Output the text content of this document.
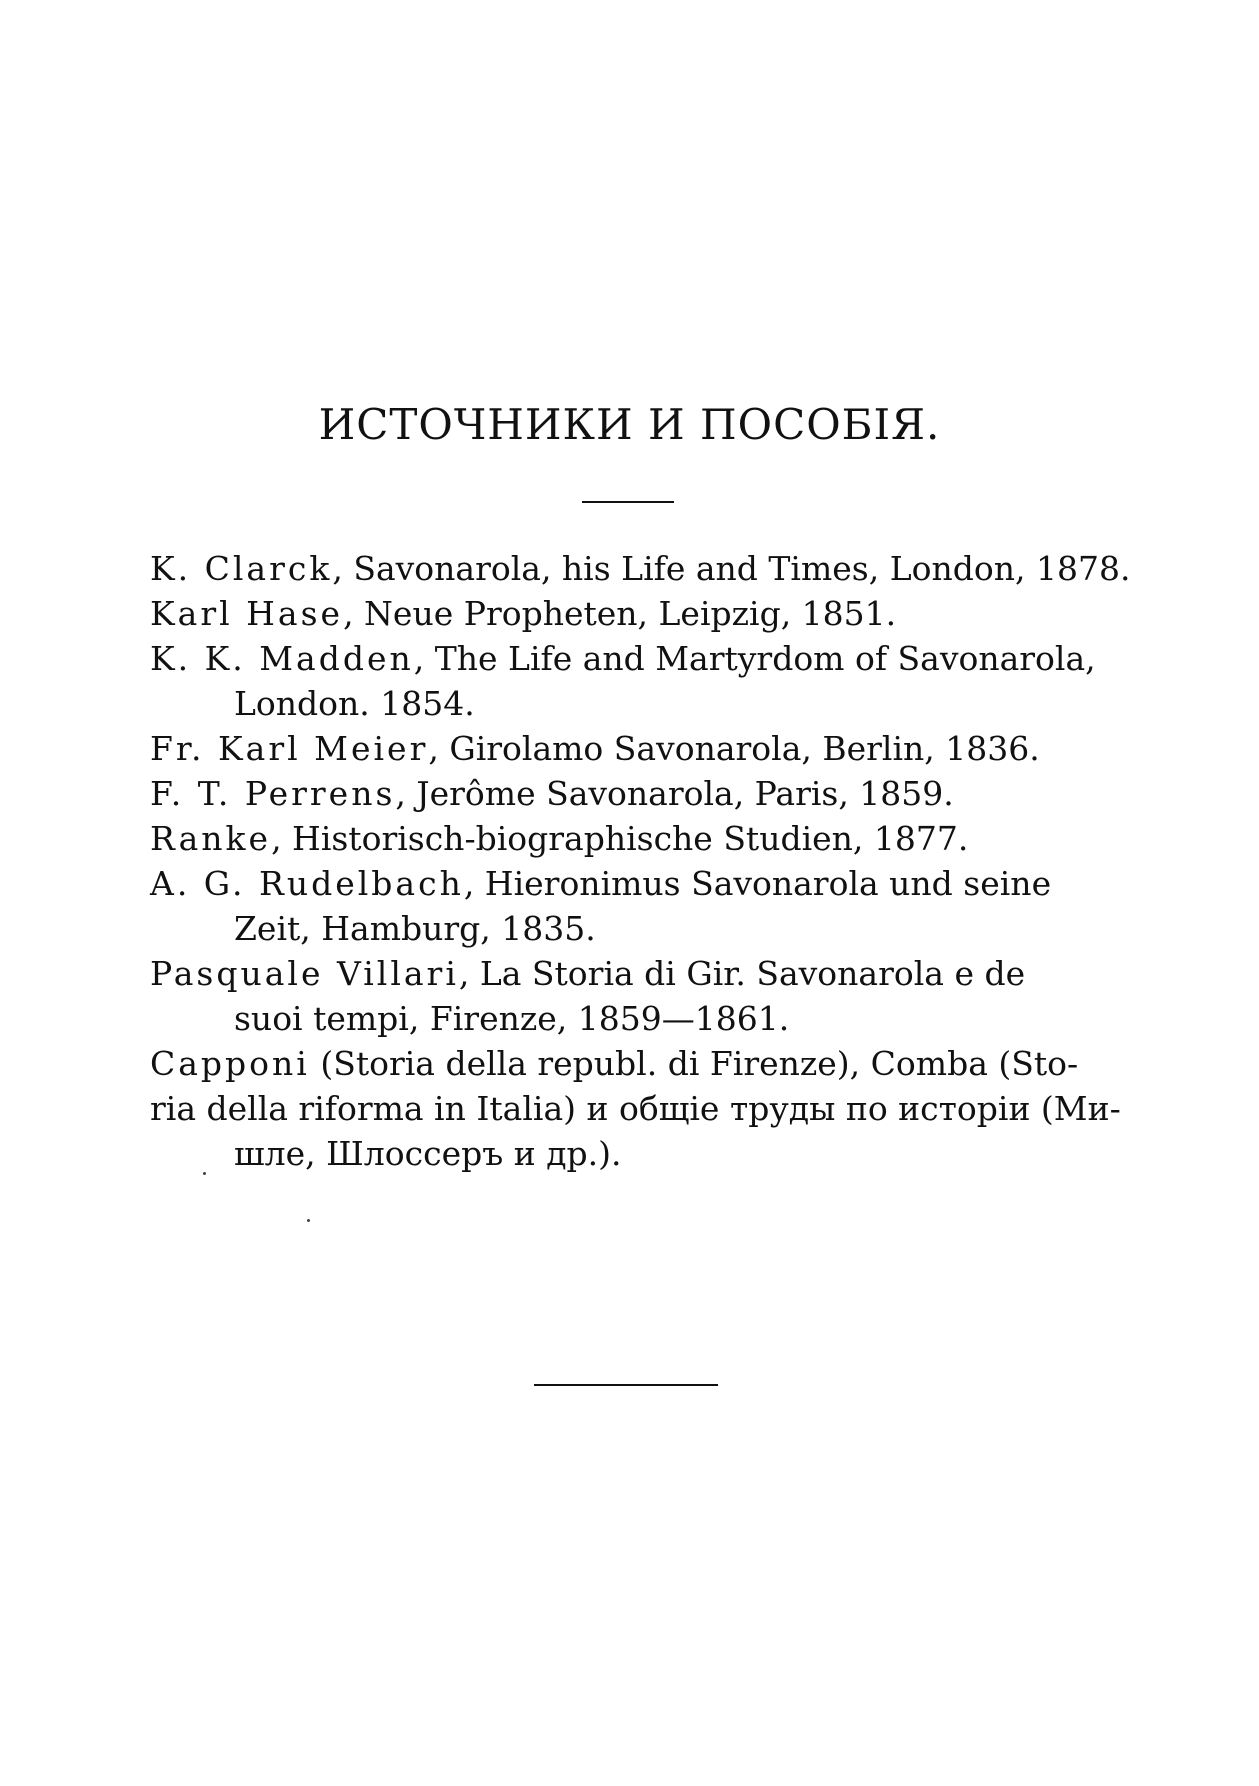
ИСТОЧНИКИ И ПОСОБІЯ.
K. Clarck, Savonarola, his Life and Times, London, 1878.
Karl Hase, Neue Propheten, Leipzig, 1851.
K. K. Madden, The Life and Martyrdom of Savonarola,
London. 1854.
Fr. Karl Meier, Girolamo Savonarola, Berlin, 1836.
F. T. Perrens, Jerôme Savonarola, Paris, 1859.
Ranke, Historisch-biographische Studien, 1877.
A. G. Rudelbach, Hieronimus Savonarola und seine
Zeit, Hamburg, 1835.
Pasquale Villari, La Storia di Gir. Savonarola e de
suoi tempi, Firenze, 1859—1861.
Capponi (Storia della republ. di Firenze), Comba (Sto-
ria della riforma in Italia) и общіе труды по исторіи (Ми-
шле, Шлоссеръ и др.).
